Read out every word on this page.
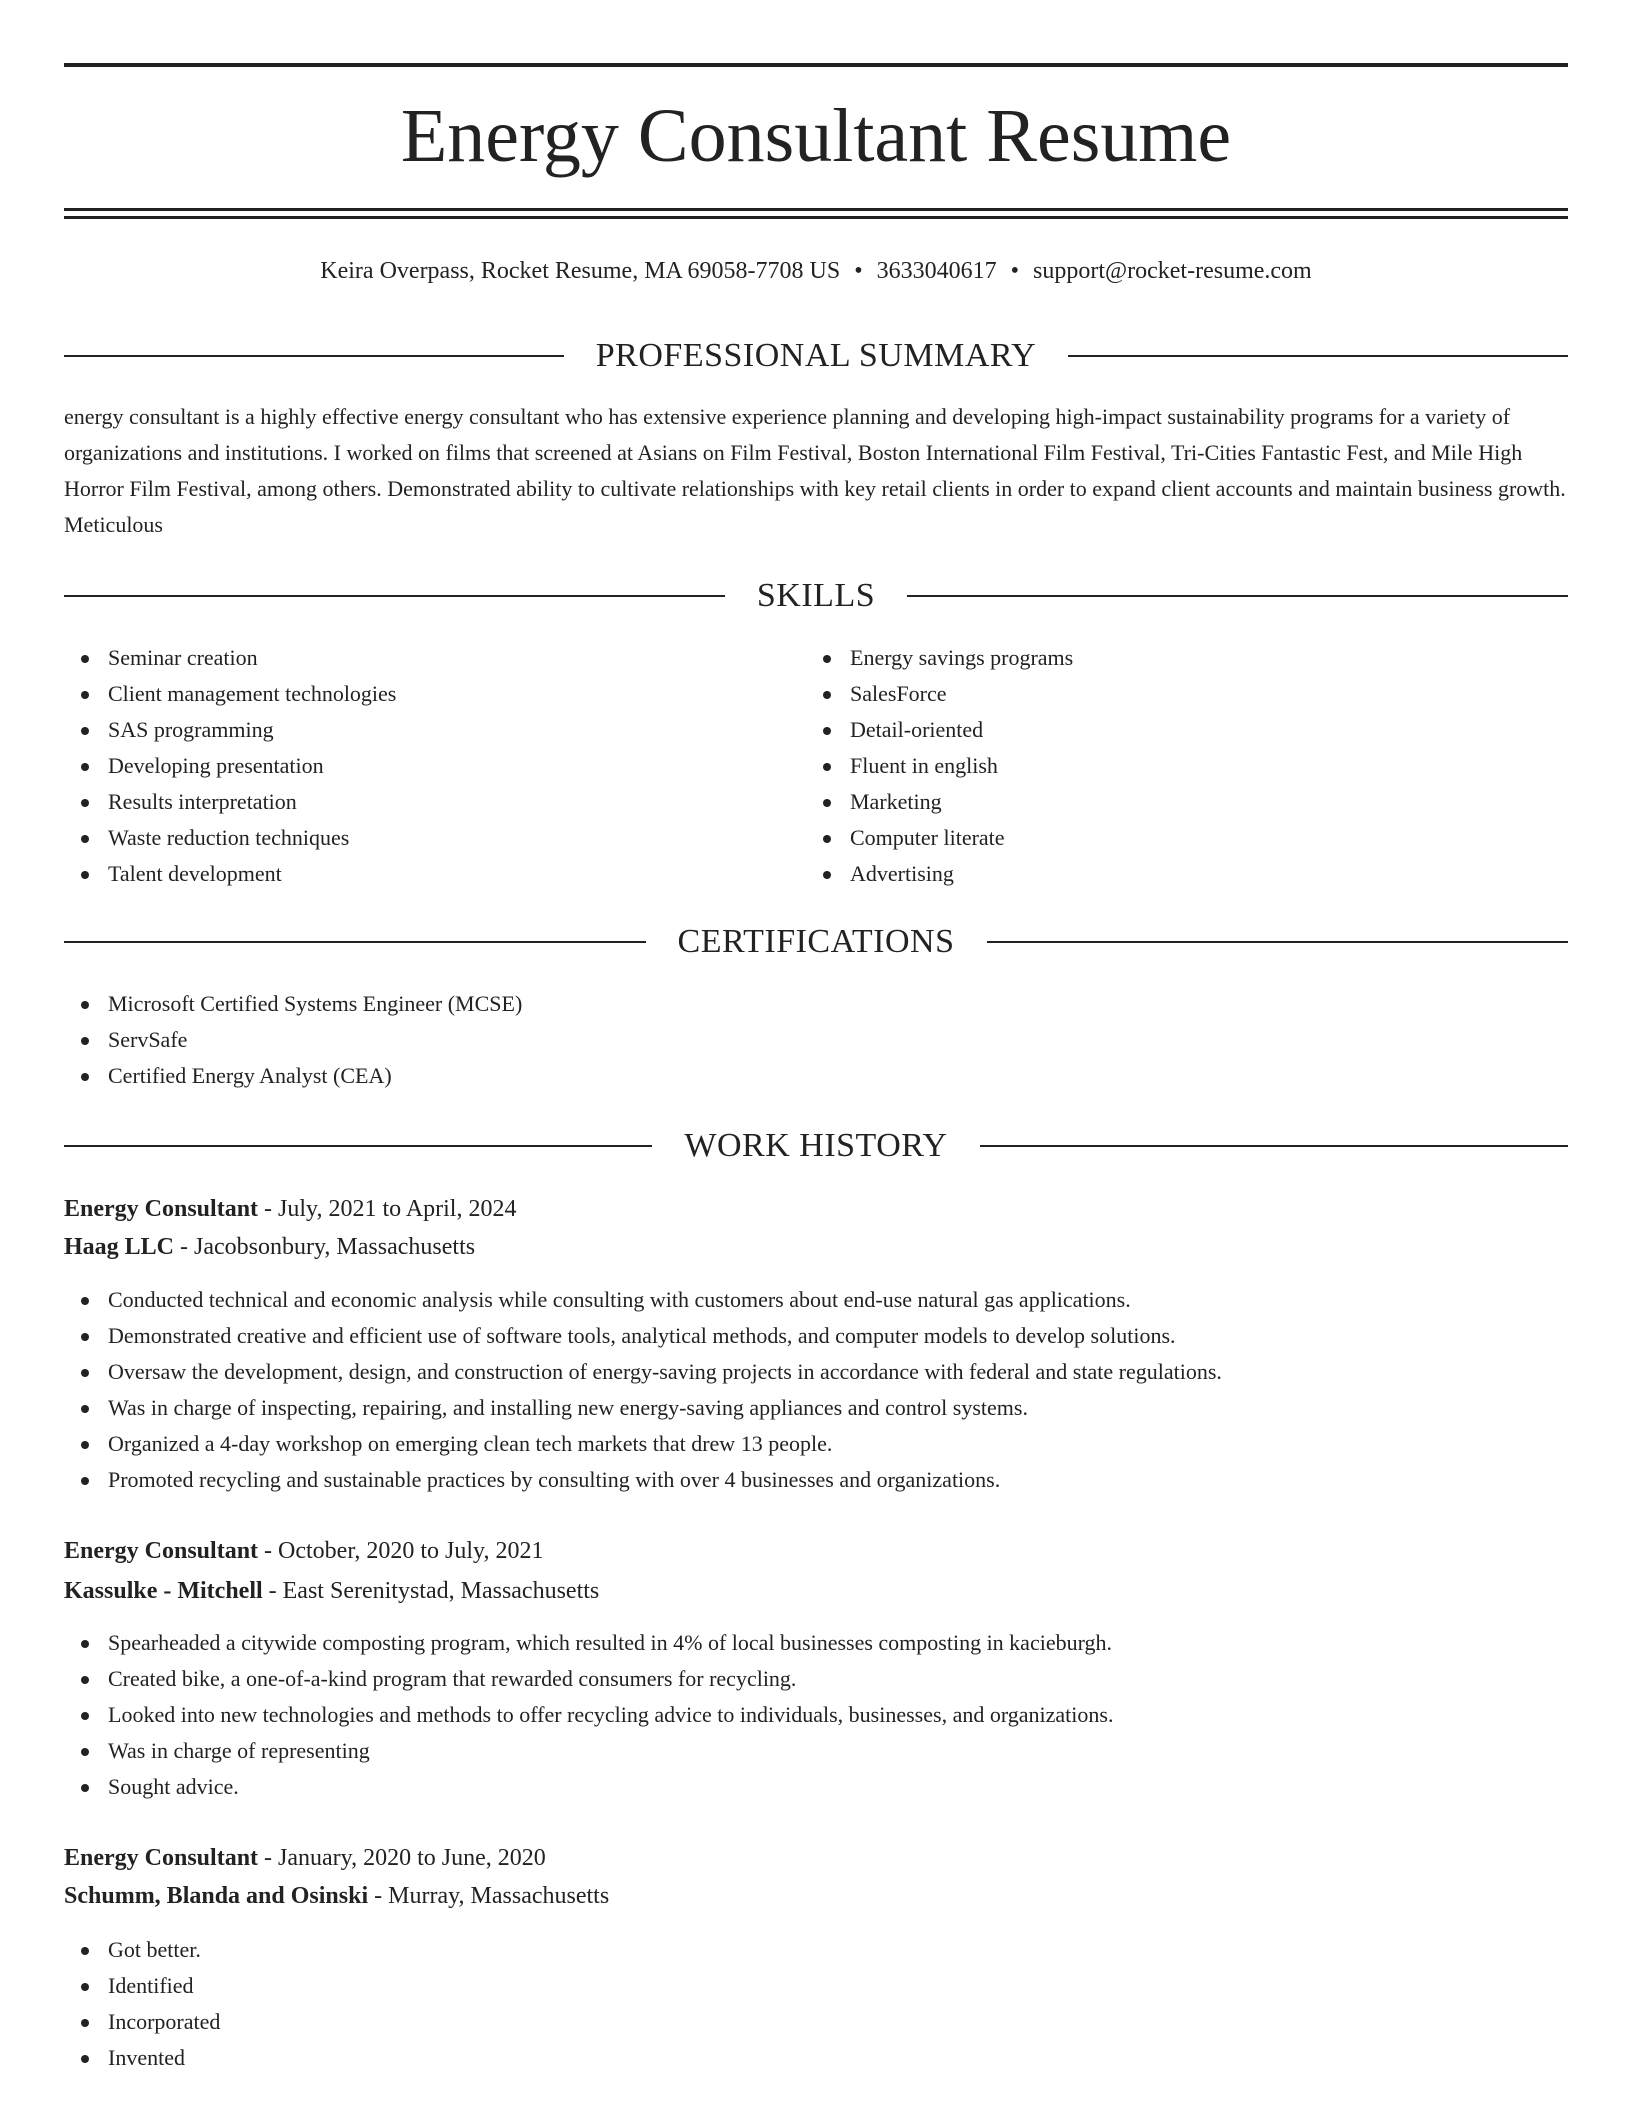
Energy Consultant Resume
Keira Overpass, Rocket Resume, MA 69058-7708 US • 3633040617 • support@rocket-resume.com
PROFESSIONAL SUMMARY

energy consultant is a highly effective energy consultant who has extensive experience planning and developing high-impact sustainability programs for a variety of organizations and institutions. I worked on films that screened at Asians on Film Festival, Boston International Film Festival, Tri-Cities Fantastic Fest, and Mile High Horror Film Festival, among others. Demonstrated ability to cultivate relationships with key retail clients in order to expand client accounts and maintain business growth. Meticulous

SKILLS
Seminar creation
Client management technologies
SAS programming
Developing presentation
Results interpretation
Waste reduction techniques
Talent development
Energy savings programs
SalesForce
Detail-oriented
Fluent in english
Marketing
Computer literate
Advertising
CERTIFICATIONS
Microsoft Certified Systems Engineer (MCSE)
ServSafe
Certified Energy Analyst (CEA)
WORK HISTORY
Energy Consultant - July, 2021 to April, 2024
Haag LLC - Jacobsonbury, Massachusetts
Conducted technical and economic analysis while consulting with customers about end-use natural gas applications.
Demonstrated creative and efficient use of software tools, analytical methods, and computer models to develop solutions.
Oversaw the development, design, and construction of energy-saving projects in accordance with federal and state regulations.
Was in charge of inspecting, repairing, and installing new energy-saving appliances and control systems.
Organized a 4-day workshop on emerging clean tech markets that drew 13 people.
Promoted recycling and sustainable practices by consulting with over 4 businesses and organizations.
Energy Consultant - October, 2020 to July, 2021
Kassulke - Mitchell - East Serenitystad, Massachusetts
Spearheaded a citywide composting program, which resulted in 4% of local businesses composting in kacieburgh.
Created bike, a one-of-a-kind program that rewarded consumers for recycling.
Looked into new technologies and methods to offer recycling advice to individuals, businesses, and organizations.
Was in charge of representing
Sought advice.
Energy Consultant - January, 2020 to June, 2020
Schumm, Blanda and Osinski - Murray, Massachusetts
Got better.
Identified
Incorporated
Invented
